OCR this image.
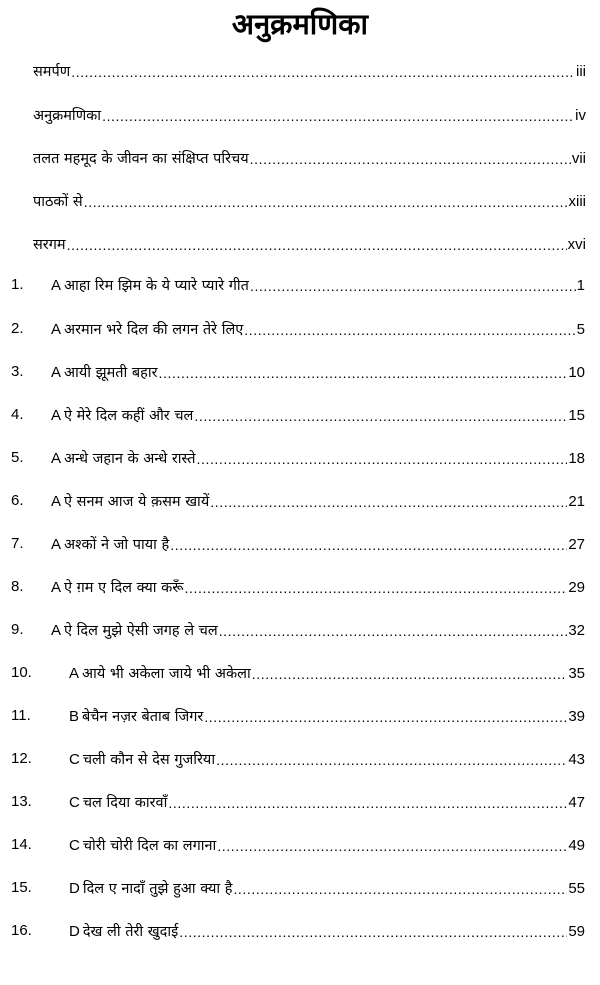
अनुक्रमणिका
समर्पण .....	iii
अनुक्रमणिका .....	iv
तलत महमूद के जीवन का संक्षिप्त परिचय .....	vii
पाठकों से .....	xiii
सरगम .....	xvi
1.	A आहा रिम झिम के ये प्यारे प्यारे गीत .....	1
2.	A अरमान भरे दिल की लगन तेरे लिए .....	5
3.	A आयी झूमती बहार .....	10
4.	A ऐ मेरे दिल कहीं और चल .....	15
5.	A अन्धे जहान के अन्धे रास्ते .....	18
6.	A ऐ सनम आज ये क़सम खायें .....	21
7.	A अश्कों ने जो पाया है .....	27
8.	A ऐ ग़म ए दिल क्या करूँ .....	29
9.	A ऐ दिल मुझे ऐसी जगह ले चल .....	32
10.	A आये भी अकेला जाये भी अकेला .....	35
11.	B बेचैन नज़र बेताब जिगर .....	39
12.	C चली कौन से देस गुजरिया .....	43
13.	C चल दिया कारवाँ .....	47
14.	C चोरी चोरी दिल का लगाना .....	49
15.	D दिल ए नादाँ तुझे हुआ क्या है .....	55
16.	D देख ली तेरी खुदाई .....	59
